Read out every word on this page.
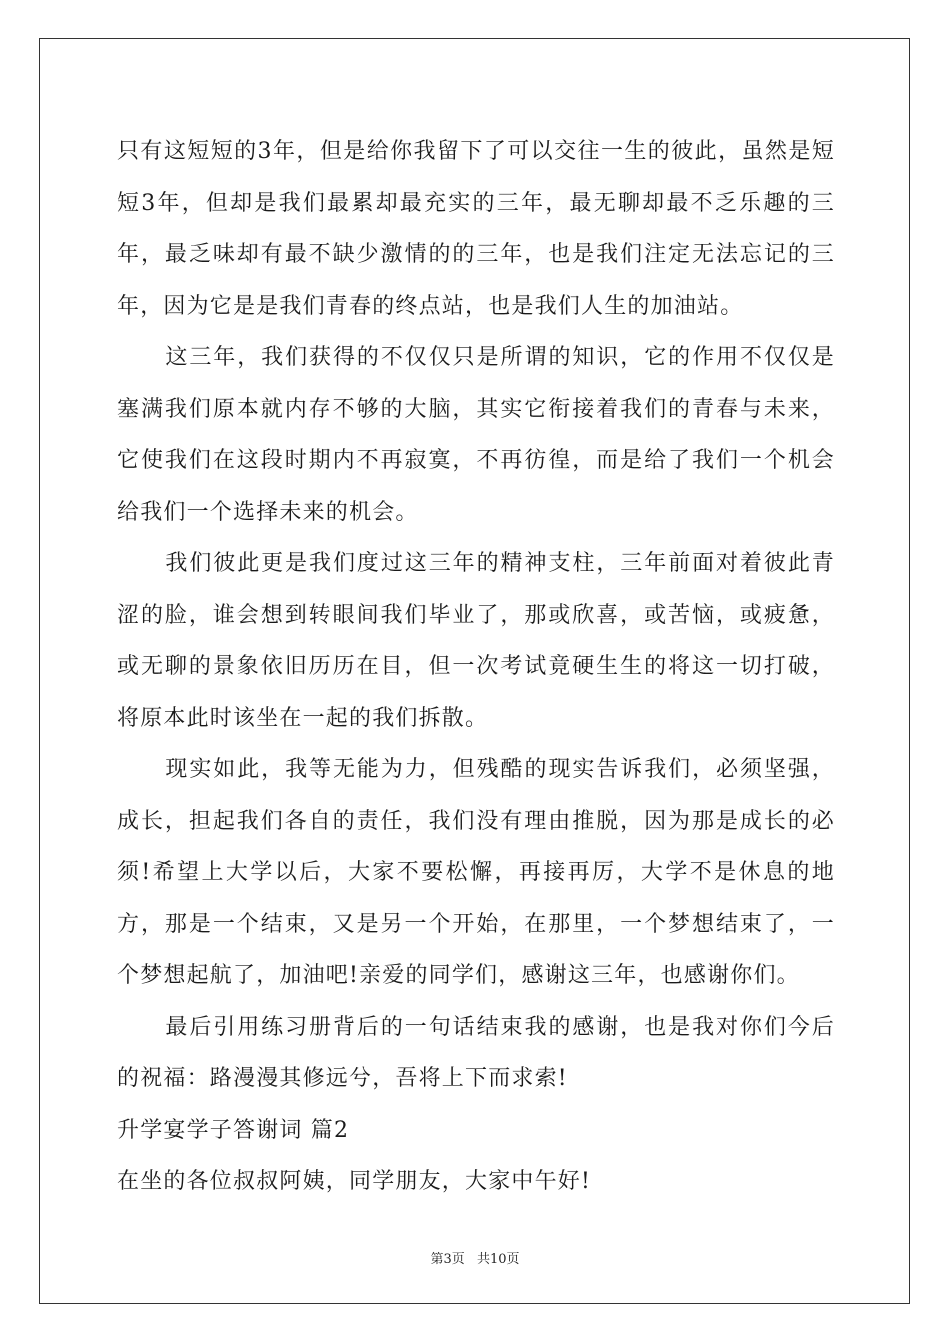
只有这短短的3年，但是给你我留下了可以交往一生的彼此，虽然是短短3年，但却是我们最累却最充实的三年，最无聊却最不乏乐趣的三年，最乏味却有最不缺少激情的的三年，也是我们注定无法忘记的三年，因为它是是我们青春的终点站，也是我们人生的加油站。

这三年，我们获得的不仅仅只是所谓的知识，它的作用不仅仅是塞满我们原本就内存不够的大脑，其实它衔接着我们的青春与未来，它使我们在这段时期内不再寂寞，不再彷徨，而是给了我们一个机会给我们一个选择未来的机会。

我们彼此更是我们度过这三年的精神支柱，三年前面对着彼此青涩的脸，谁会想到转眼间我们毕业了，那或欣喜，或苦恼，或疲惫，或无聊的景象依旧历历在目，但一次考试竟硬生生的将这一切打破，将原本此时该坐在一起的我们拆散。

现实如此，我等无能为力，但残酷的现实告诉我们，必须坚强，成长，担起我们各自的责任，我们没有理由推脱，因为那是成长的必须!希望上大学以后，大家不要松懈，再接再厉，大学不是休息的地方，那是一个结束，又是另一个开始，在那里，一个梦想结束了，一个梦想起航了，加油吧!亲爱的同学们，感谢这三年，也感谢你们。

最后引用练习册背后的一句话结束我的感谢，也是我对你们今后的祝福：路漫漫其修远兮，吾将上下而求索!

升学宴学子答谢词 篇2

在坐的各位叔叔阿姨，同学朋友，大家中午好!

第3页 共10页
